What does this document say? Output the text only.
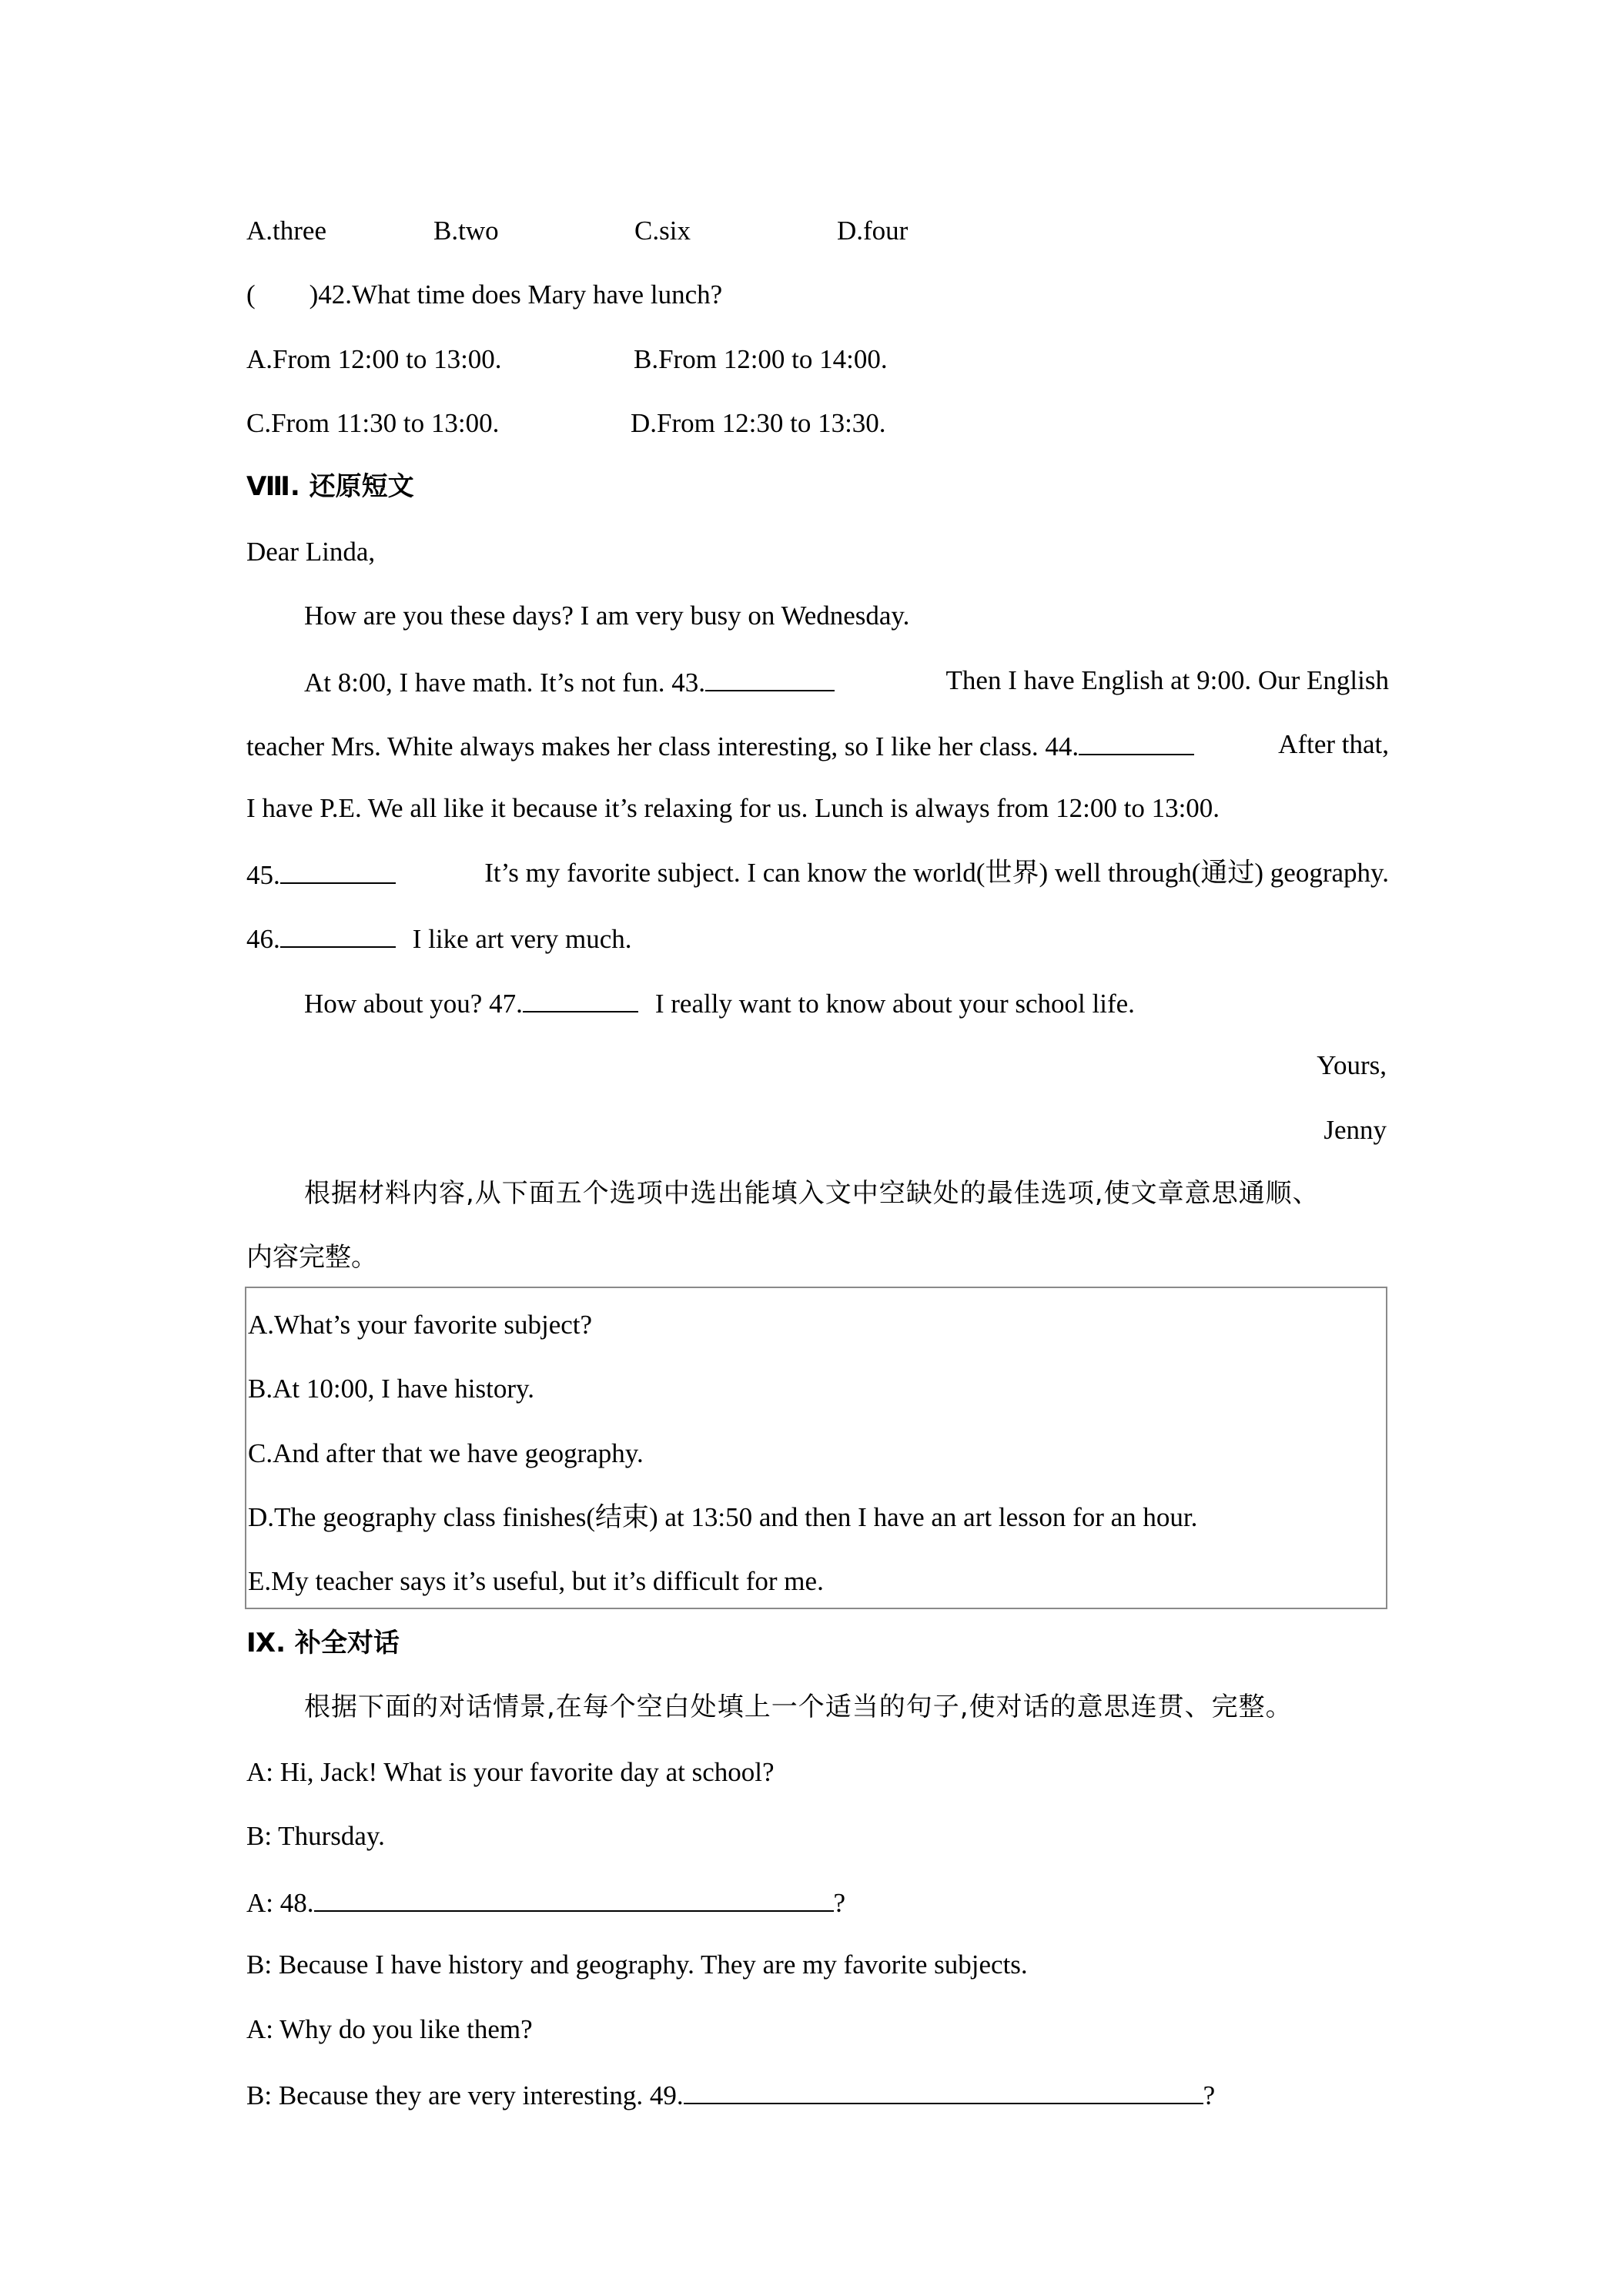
A.three	B.two	C.six	D.four
(　　)42.What time does Mary have lunch?
A.From 12:00 to 13:00.	B.From 12:00 to 14:00.
C.From 11:30 to 13:00.	D.From 12:30 to 13:30.
Ⅷ. 还原短文
Dear Linda,
How are you these days? I am very busy on Wednesday.
At 8:00, I have math. It’s not fun. 43.	Then I have English at 9:00. Our English
teacher Mrs. White always makes her class interesting, so I like her class. 44.	After that,
I have P.E. We all like it because it’s relaxing for us. Lunch is always from 12:00 to 13:00.
45.	It’s my favorite subject. I can know the world(世界) well through(通过) geography.
46.	I like art very much.
How about you? 47.	I really want to know about your school life.
Yours,
Jenny
根据材料内容,从下面五个选项中选出能填入文中空缺处的最佳选项,使文章意思通顺、
内容完整。
A.What’s your favorite subject?
B.At 10:00, I have history.
C.And after that we have geography.
D.The geography class finishes(结束) at 13:50 and then I have an art lesson for an hour.
E.My teacher says it’s useful, but it’s difficult for me.
Ⅸ. 补全对话
根据下面的对话情景,在每个空白处填上一个适当的句子,使对话的意思连贯、完整。
A: Hi, Jack! What is your favorite day at school?
B: Thursday.
A: 48.	?
B: Because I have history and geography. They are my favorite subjects.
A: Why do you like them?
B: Because they are very interesting. 49.	?
